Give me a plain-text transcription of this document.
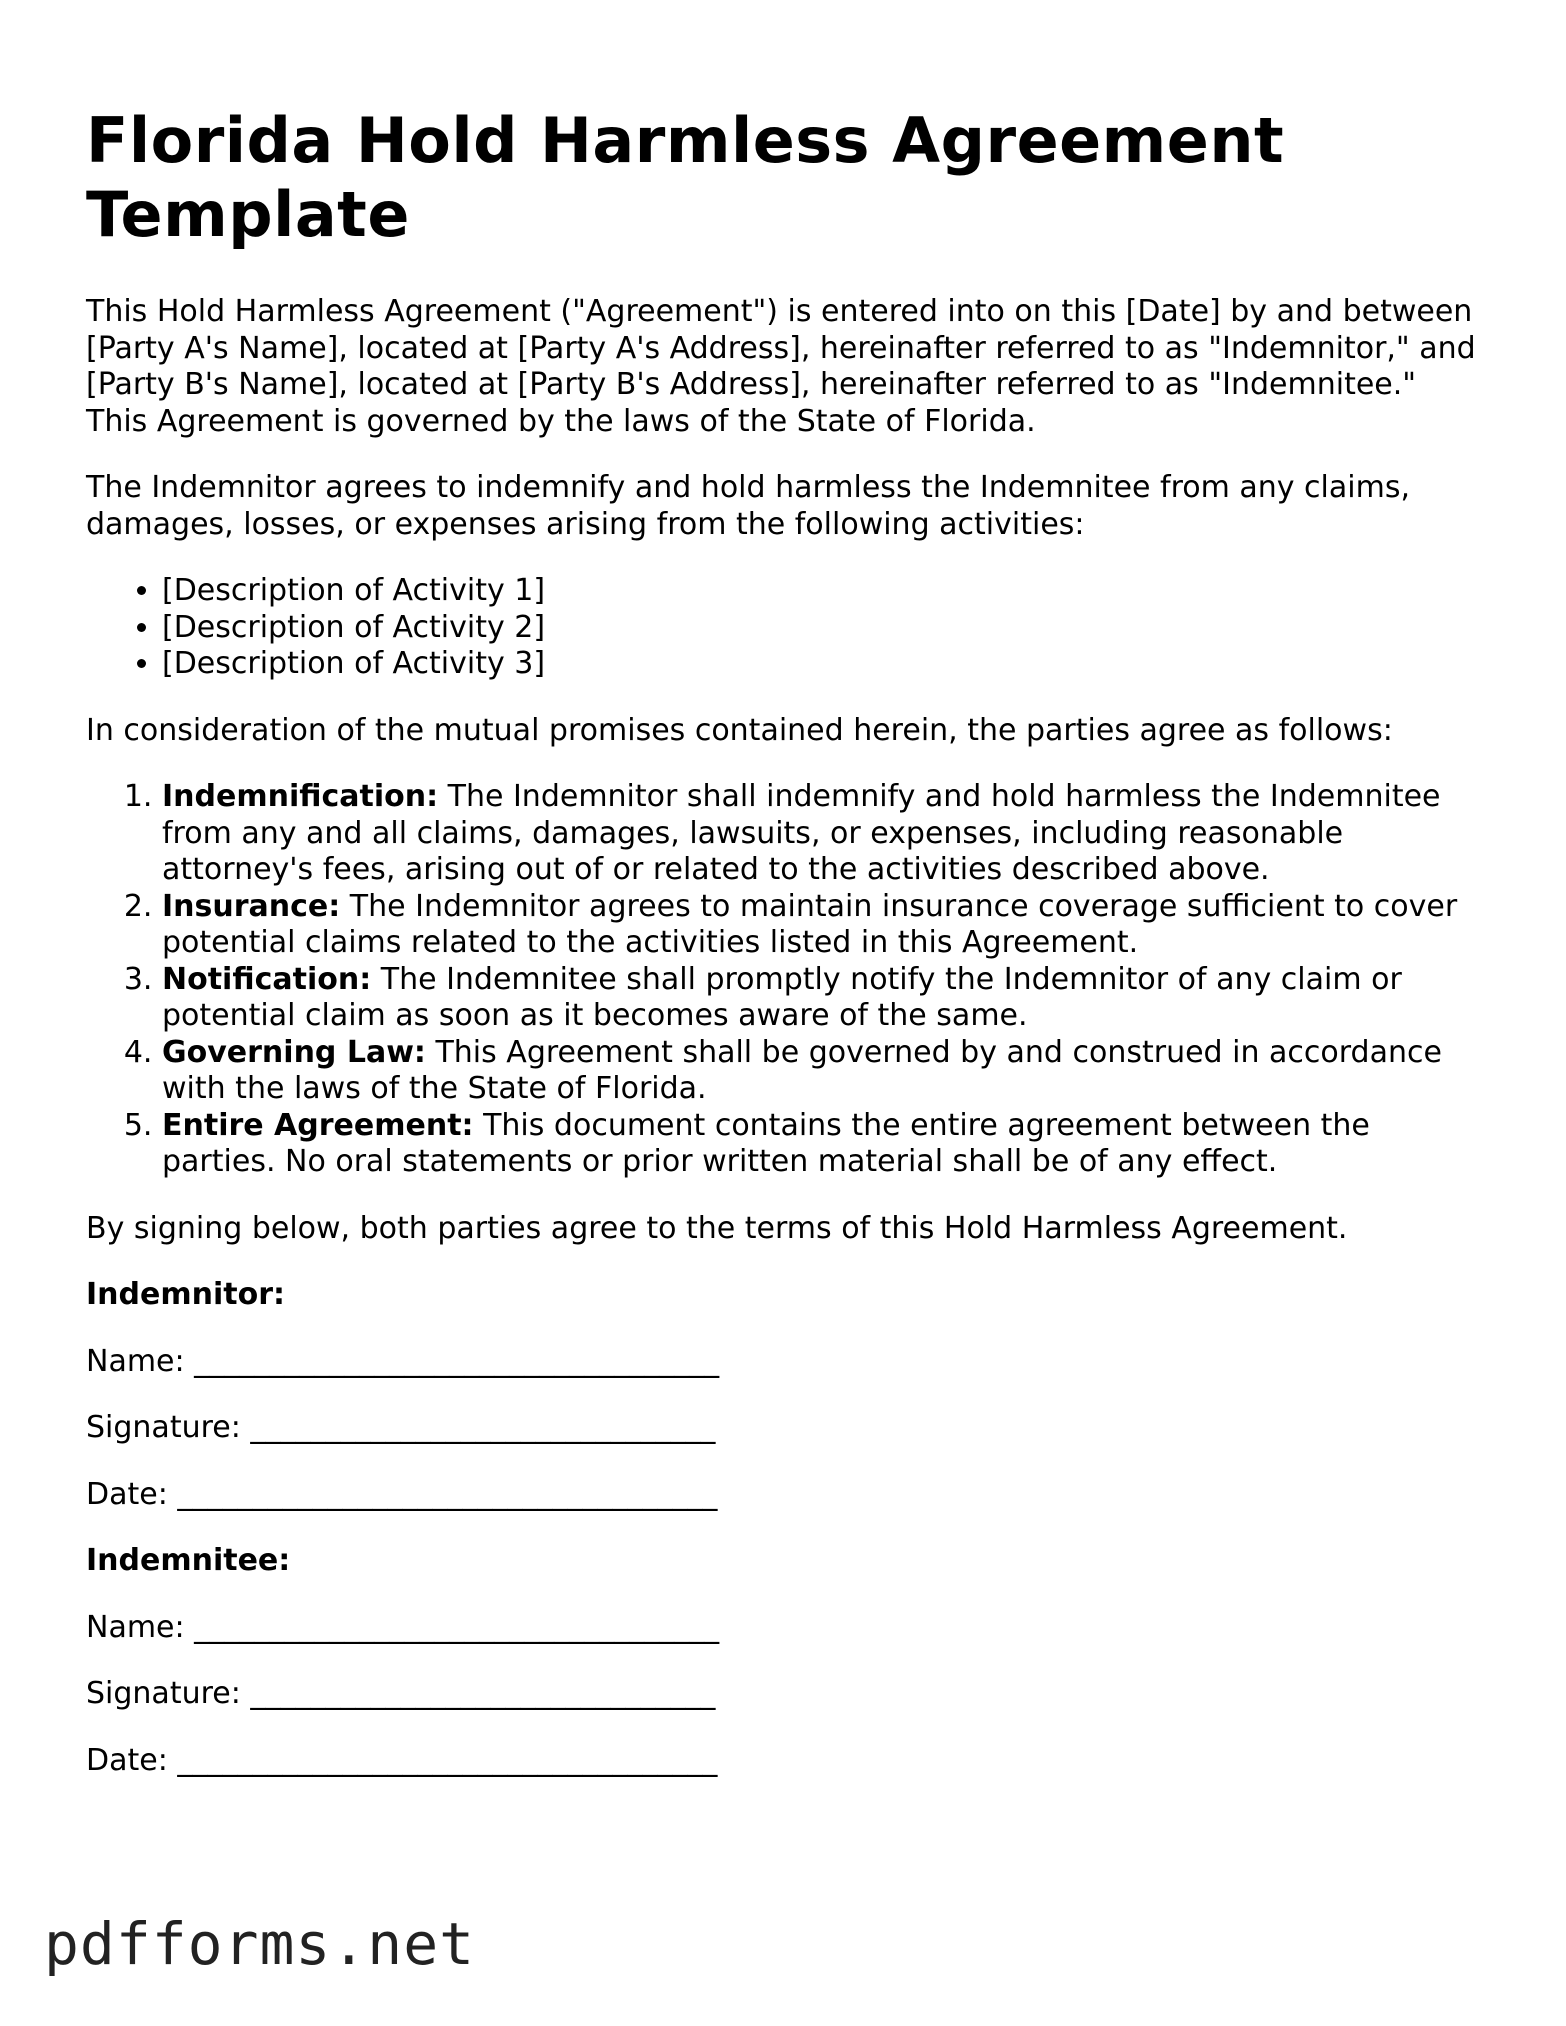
Florida Hold Harmless Agreement Template

This Hold Harmless Agreement ("Agreement") is entered into on this [Date] by and between [Party A's Name], located at [Party A's Address], hereinafter referred to as "Indemnitor," and [Party B's Name], located at [Party B's Address], hereinafter referred to as "Indemnitee." This Agreement is governed by the laws of the State of Florida.

The Indemnitor agrees to indemnify and hold harmless the Indemnitee from any claims, damages, losses, or expenses arising from the following activities:

• [Description of Activity 1]
• [Description of Activity 2]
• [Description of Activity 3]

In consideration of the mutual promises contained herein, the parties agree as follows:

1. Indemnification: The Indemnitor shall indemnify and hold harmless the Indemnitee from any and all claims, damages, lawsuits, or expenses, including reasonable attorney's fees, arising out of or related to the activities described above.
2. Insurance: The Indemnitor agrees to maintain insurance coverage sufficient to cover potential claims related to the activities listed in this Agreement.
3. Notification: The Indemnitee shall promptly notify the Indemnitor of any claim or potential claim as soon as it becomes aware of the same.
4. Governing Law: This Agreement shall be governed by and construed in accordance with the laws of the State of Florida.
5. Entire Agreement: This document contains the entire agreement between the parties. No oral statements or prior written material shall be of any effect.

By signing below, both parties agree to the terms of this Hold Harmless Agreement.

Indemnitor:
Name: ___________________________________
Signature: _______________________________
Date: ____________________________________
Indemnitee:
Name: ___________________________________
Signature: _______________________________
Date: ____________________________________
pdfforms.net
